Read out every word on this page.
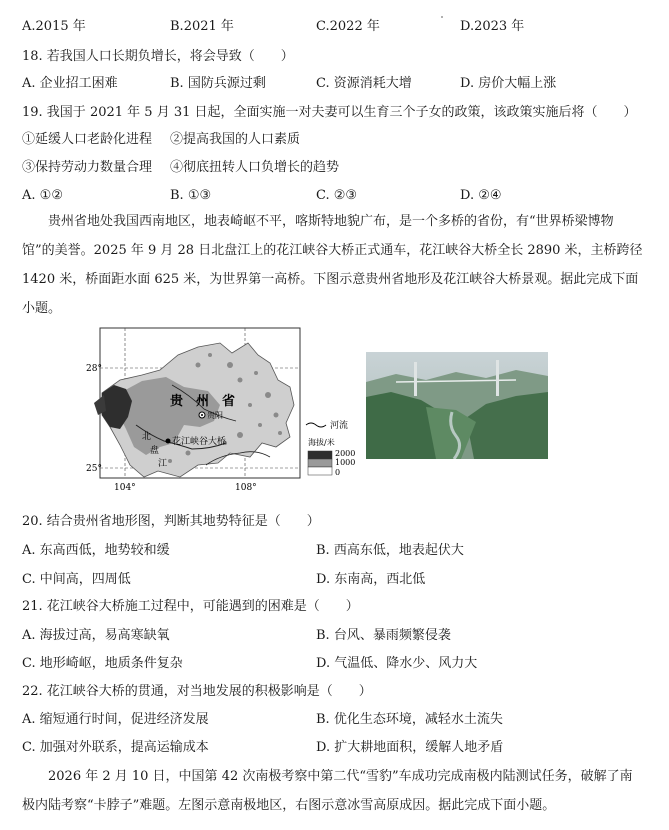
A.2015 年	B.2021 年	C.2022 年	D.2023 年
18. 若我国人口长期负增长，将会导致（　　）
A. 企业招工困难	B. 国防兵源过剩	C. 资源消耗大增	D. 房价大幅上涨
19. 我国于 2021 年 5 月 31 日起，全面实施一对夫妻可以生育三个子女的政策，该政策实施后将（　　）
①延缓人口老龄化进程 ②提高我国的人口素质
③保持劳动力数量合理 ④彻底扭转人口负增长的趋势
A. ①②	B. ①③	C. ②③	D. ②④
贵州省地处我国西南地区，地表崎岖不平，喀斯特地貌广布，是一个多桥的省份，有“世界桥梁博物
馆”的美誉。2025 年 9 月 28 日北盘江上的花江峡谷大桥正式通车，花江峡谷大桥全长 2890 米，主桥跨径
1420 米，桥面距水面 625 米，为世界第一高桥。下图示意贵州省地形及花江峡谷大桥景观。据此完成下面
小题。
28°
25°
104°	108°
贵　州　省
贵阳
花江峡谷大桥
北
盘
江
河流
海拔/米
2000
1000
0
20. 结合贵州省地形图，判断其地势特征是（　　）
A. 东高西低，地势较和缓	B. 西高东低，地表起伏大
C. 中间高，四周低	D. 东南高，西北低
21. 花江峡谷大桥施工过程中，可能遇到的困难是（　　）
A. 海拔过高，易高寒缺氧	B. 台风、暴雨频繁侵袭
C. 地形崎岖，地质条件复杂	D. 气温低、降水少、风力大
22. 花江峡谷大桥的贯通，对当地发展的积极影响是（　　）
A. 缩短通行时间，促进经济发展	B. 优化生态环境，减轻水土流失
C. 加强对外联系，提高运输成本	D. 扩大耕地面积，缓解人地矛盾
2026 年 2 月 10 日，中国第 42 次南极考察中第二代“雪豹”车成功完成南极内陆测试任务，破解了南
极内陆考察“卡脖子”难题。左图示意南极地区，右图示意冰雪高原成因。据此完成下面小题。
